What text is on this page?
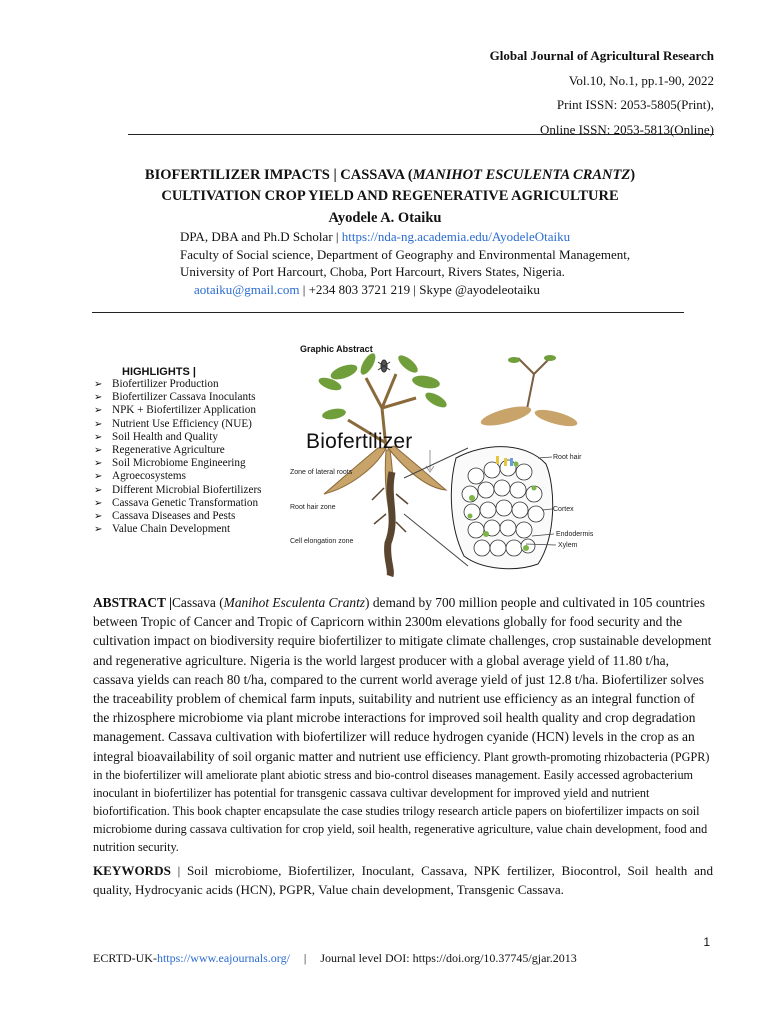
Global Journal of Agricultural Research
Vol.10, No.1, pp.1-90, 2022
Print ISSN: 2053-5805(Print),
Online ISSN: 2053-5813(Online)
BIOFERTILIZER IMPACTS | CASSAVA (MANIHOT ESCULENTA CRANTZ)
CULTIVATION CROP YIELD AND REGENERATIVE AGRICULTURE
Ayodele A. Otaiku
DPA, DBA and Ph.D Scholar | https://nda-ng.academia.edu/AyodeleOtaiku
Faculty of Social science, Department of Geography and Environmental Management,
University of Port Harcourt, Choba, Port Harcourt, Rivers States, Nigeria.
aotaiku@gmail.com | +234 803 3721 219 | Skype @ayodeleotaiku
Graphic Abstract
HIGHLIGHTS |
➢ Biofertilizer Production
➢ Biofertilizer Cassava Inoculants
➢ NPK + Biofertilizer Application
➢ Nutrient Use Efficiency (NUE)
➢ Soil Health and Quality
➢ Regenerative Agriculture
➢ Soil Microbiome Engineering
➢ Agroecosystems
➢ Different Microbial Biofertilizers
➢ Cassava Genetic Transformation
➢ Cassava Diseases and Pests
➢ Value Chain Development
Biofertilizer
Zone of lateral roots
Root hair zone
Cell elongation zone
Root hair
Cortex
Endodermis
Xylem

ABSTRACT |Cassava (Manihot Esculenta Crantz) demand by 700 million people and cultivated in 105 countries between Tropic of Cancer and Tropic of Capricorn within 2300m elevations globally for food security and the cultivation impact on biodiversity require biofertilizer to mitigate climate challenges, crop sustainable development and regenerative agriculture. Nigeria is the world largest producer with a global average yield of 11.80 t/ha, cassava yields can reach 80 t/ha, compared to the current world average yield of just 12.8 t/ha. Biofertilizer solves the traceability problem of chemical farm inputs, suitability and nutrient use efficiency as an integral function of the rhizosphere microbiome via plant microbe interactions for improved soil health quality and crop degradation management. Cassava cultivation with biofertilizer will reduce hydrogen cyanide (HCN) levels in the crop as an integral bioavailability of soil organic matter and nutrient use efficiency. Plant growth-promoting rhizobacteria (PGPR) in the biofertilizer will ameliorate plant abiotic stress and bio-control diseases management. Easily accessed agrobacterium inoculant in biofertilizer has potential for transgenic cassava cultivar development for improved yield and nutrient biofortification. This book chapter encapsulate the case studies trilogy research article papers on biofertilizer impacts on soil microbiome during cassava cultivation for crop yield, soil health, regenerative agriculture, value chain development, food and nutrition security.

KEYWORDS | Soil microbiome, Biofertilizer, Inoculant, Cassava, NPK fertilizer, Biocontrol, Soil health and quality, Hydrocyanic acids (HCN), PGPR, Value chain development, Transgenic Cassava.

1
ECRTD-UK-https://www.eajournals.org/ | Journal level DOI: https://doi.org/10.37745/gjar.2013
